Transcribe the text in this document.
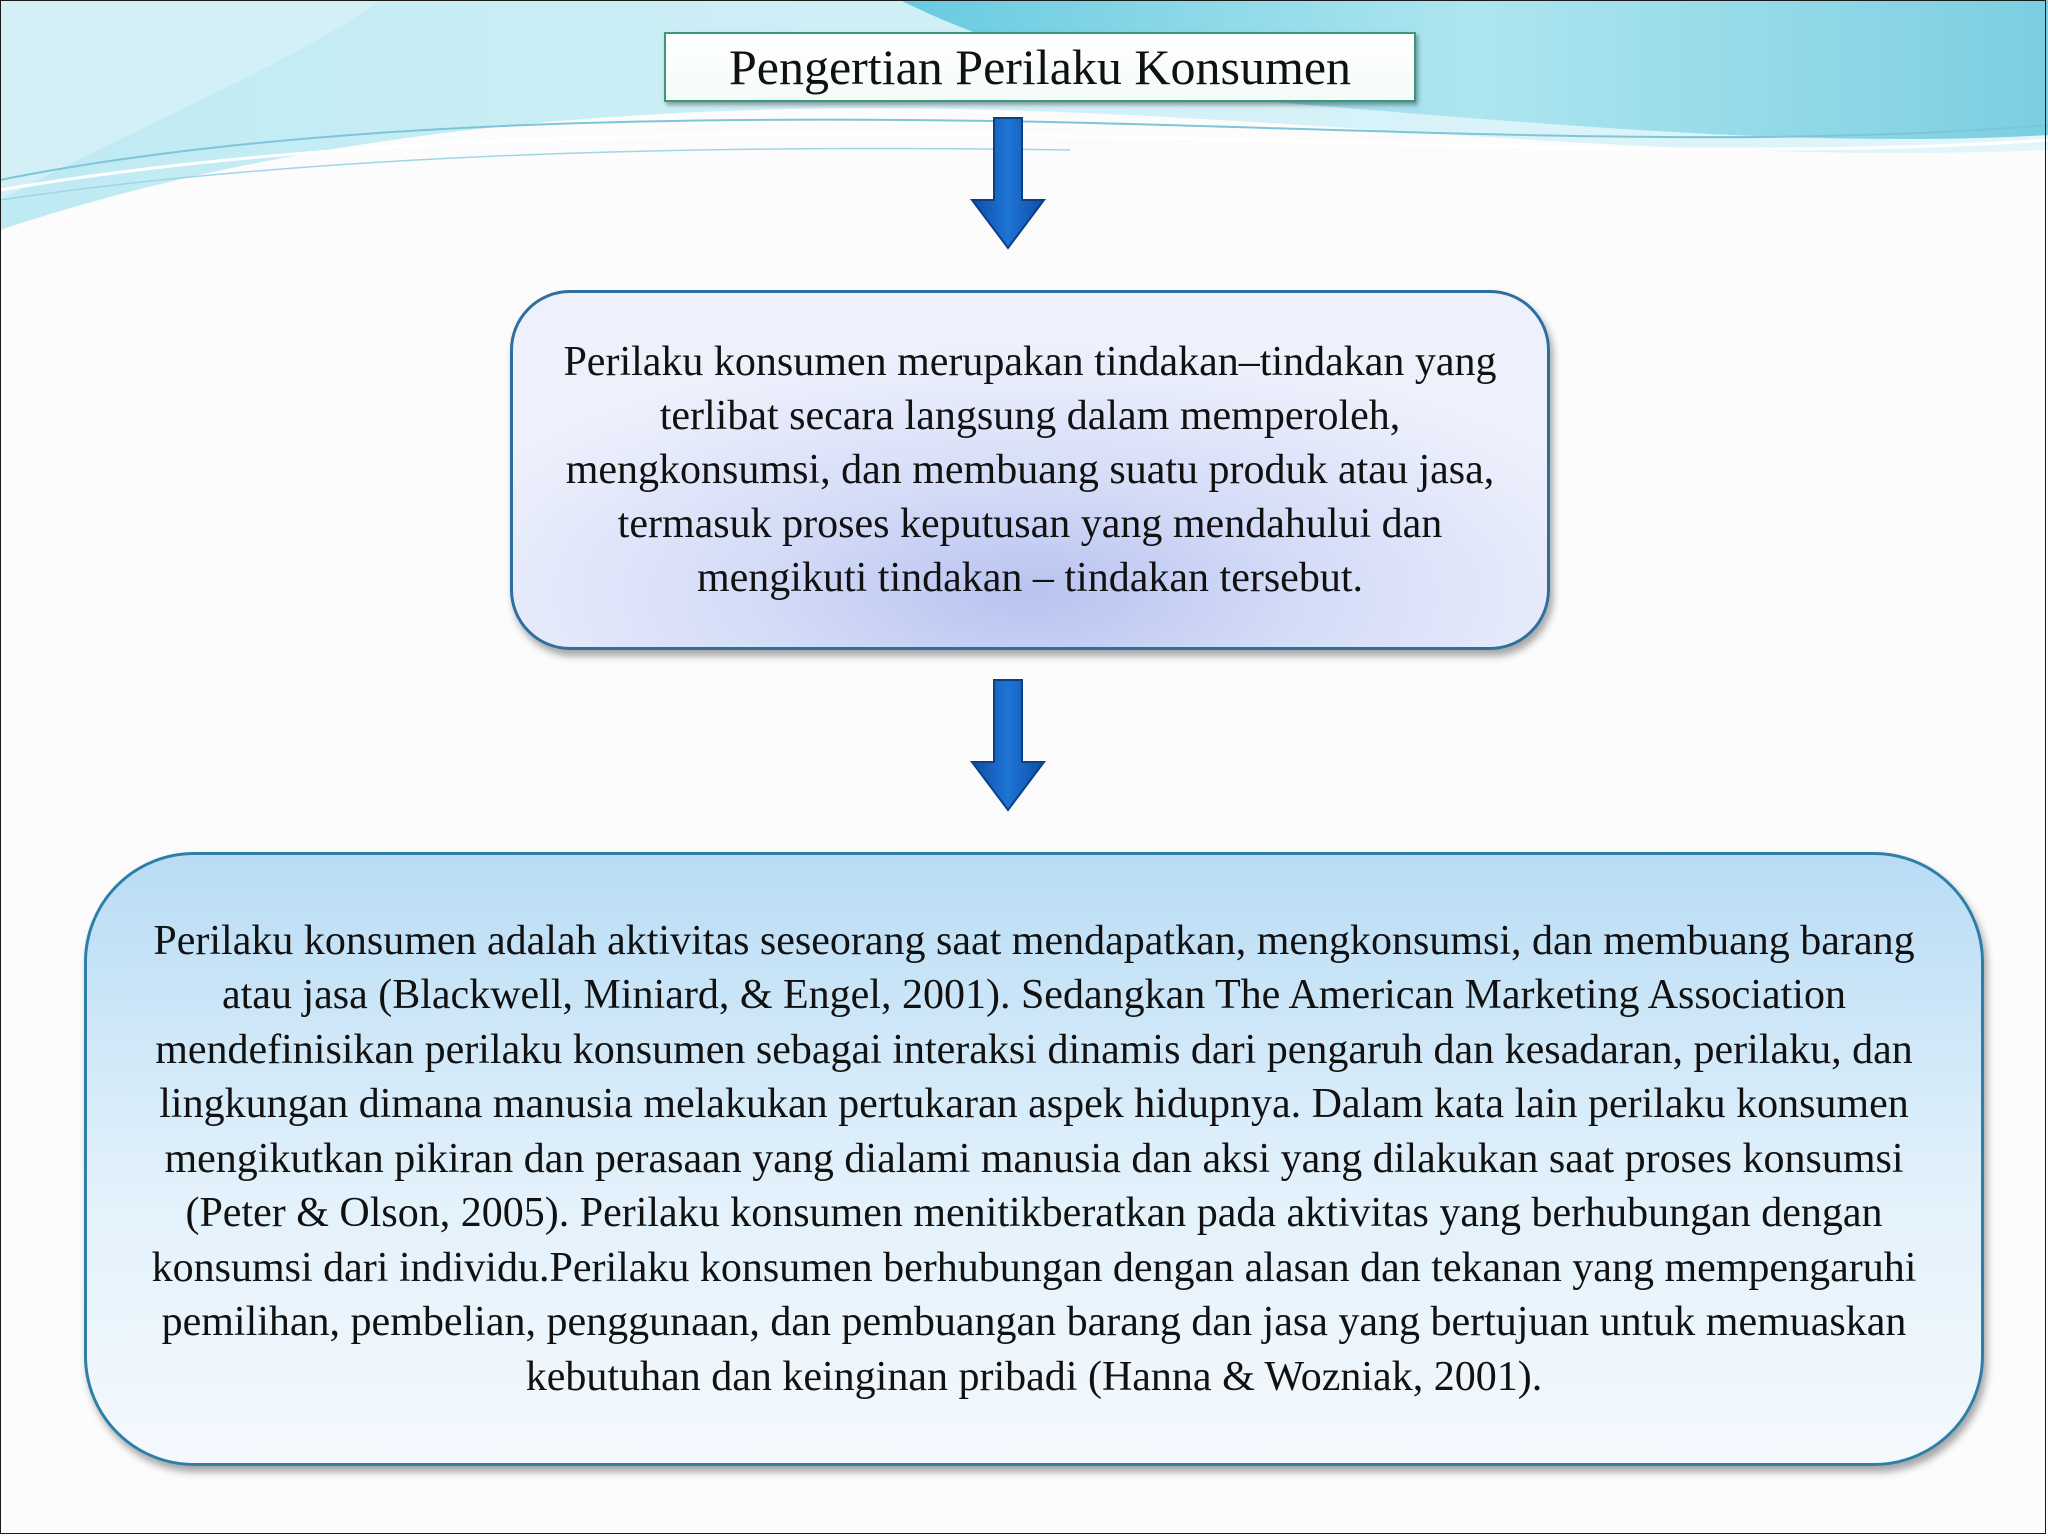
Pengertian Perilaku Konsumen
Perilaku konsumen merupakan tindakan–tindakan yang terlibat secara langsung dalam memperoleh, mengkonsumsi, dan membuang suatu produk atau jasa, termasuk proses keputusan yang mendahului dan mengikuti tindakan – tindakan tersebut.
Perilaku konsumen adalah aktivitas seseorang saat mendapatkan, mengkonsumsi, dan membuang barang atau jasa (Blackwell, Miniard, & Engel, 2001). Sedangkan The American Marketing Association mendefinisikan perilaku konsumen sebagai interaksi dinamis dari pengaruh dan kesadaran, perilaku, dan lingkungan dimana manusia melakukan pertukaran aspek hidupnya. Dalam kata lain perilaku konsumen mengikutkan pikiran dan perasaan yang dialami manusia dan aksi yang dilakukan saat proses konsumsi (Peter & Olson, 2005). Perilaku konsumen menitikberatkan pada aktivitas yang berhubungan dengan konsumsi dari individu.Perilaku konsumen berhubungan dengan alasan dan tekanan yang mempengaruhi pemilihan, pembelian, penggunaan, dan pembuangan barang dan jasa yang bertujuan untuk memuaskan kebutuhan dan keinginan pribadi (Hanna & Wozniak, 2001).
